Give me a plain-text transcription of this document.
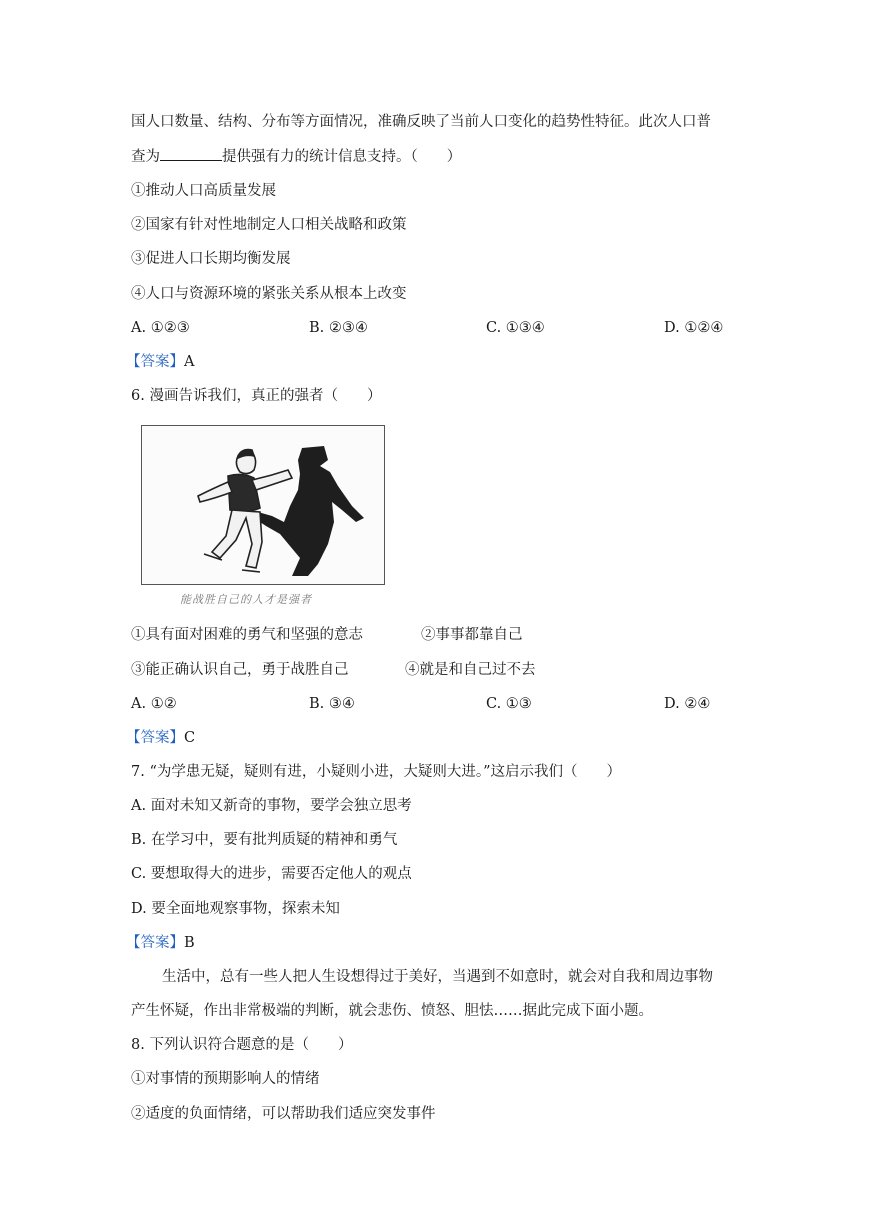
国人口数量、结构、分布等方面情况，准确反映了当前人口变化的趋势性特征。此次人口普
查为	提供强有力的统计信息支持。（　　）
①推动人口高质量发展
②国家有针对性地制定人口相关战略和政策
③促进人口长期均衡发展
④人口与资源环境的紧张关系从根本上改变
A. ①②③	B. ②③④	C. ①③④	D. ①②④
【答案】A
6. 漫画告诉我们，真正的强者（　　）
能战胜自己的人才是强者
①具有面对困难的勇气和坚强的意志	②事事都靠自己
③能正确认识自己，勇于战胜自己	④就是和自己过不去
A. ①②	B. ③④	C. ①③	D. ②④
【答案】C
7. “为学患无疑，疑则有进，小疑则小进，大疑则大进。”这启示我们（　　）
A. 面对未知又新奇的事物，要学会独立思考
B. 在学习中，要有批判质疑的精神和勇气
C. 要想取得大的进步，需要否定他人的观点
D. 要全面地观察事物，探索未知
【答案】B
生活中，总有一些人把人生设想得过于美好，当遇到不如意时，就会对自我和周边事物
产生怀疑，作出非常极端的判断，就会悲伤、愤怒、胆怯……据此完成下面小题。
8. 下列认识符合题意的是（　　）
①对事情的预期影响人的情绪
②适度的负面情绪，可以帮助我们适应突发事件
